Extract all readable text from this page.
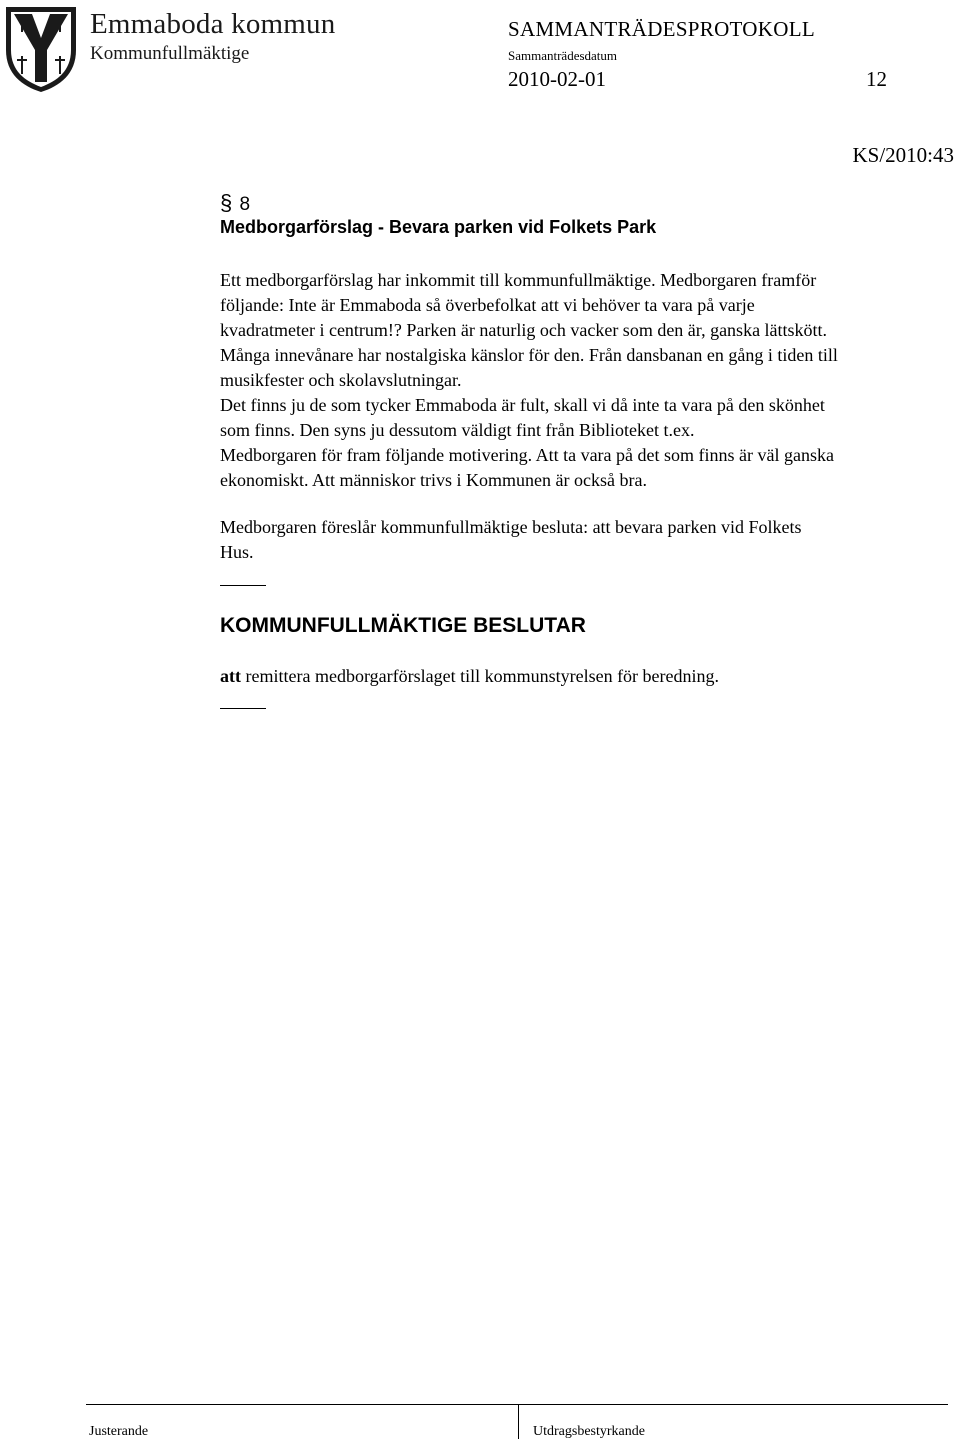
Emmaboda kommun
Kommunfullmäktige
SAMMANTRÄDESPROTOKOLL
Sammanträdesdatum
2010-02-01	12
KS/2010:43
§ 8
Medborgarförslag - Bevara parken vid Folkets Park
Ett medborgarförslag har inkommit till kommunfullmäktige. Medborgaren framför
följande: Inte är Emmaboda så överbefolkat att vi behöver ta vara på varje
kvadratmeter i centrum!? Parken är naturlig och vacker som den är, ganska lättskött.
Många innevånare har nostalgiska känslor för den. Från dansbanan en gång i tiden till
musikfester och skolavslutningar.
Det finns ju de som tycker Emmaboda är fult, skall vi då inte ta vara på den skönhet
som finns. Den syns ju dessutom väldigt fint från Biblioteket t.ex.
Medborgaren för fram följande motivering. Att ta vara på det som finns är väl ganska
ekonomiskt. Att människor trivs i Kommunen är också bra.
Medborgaren föreslår kommunfullmäktige besluta: att bevara parken vid Folkets
Hus.
KOMMUNFULLMÄKTIGE BESLUTAR
att remittera medborgarförslaget till kommunstyrelsen för beredning.
Justerande	Utdragsbestyrkande
